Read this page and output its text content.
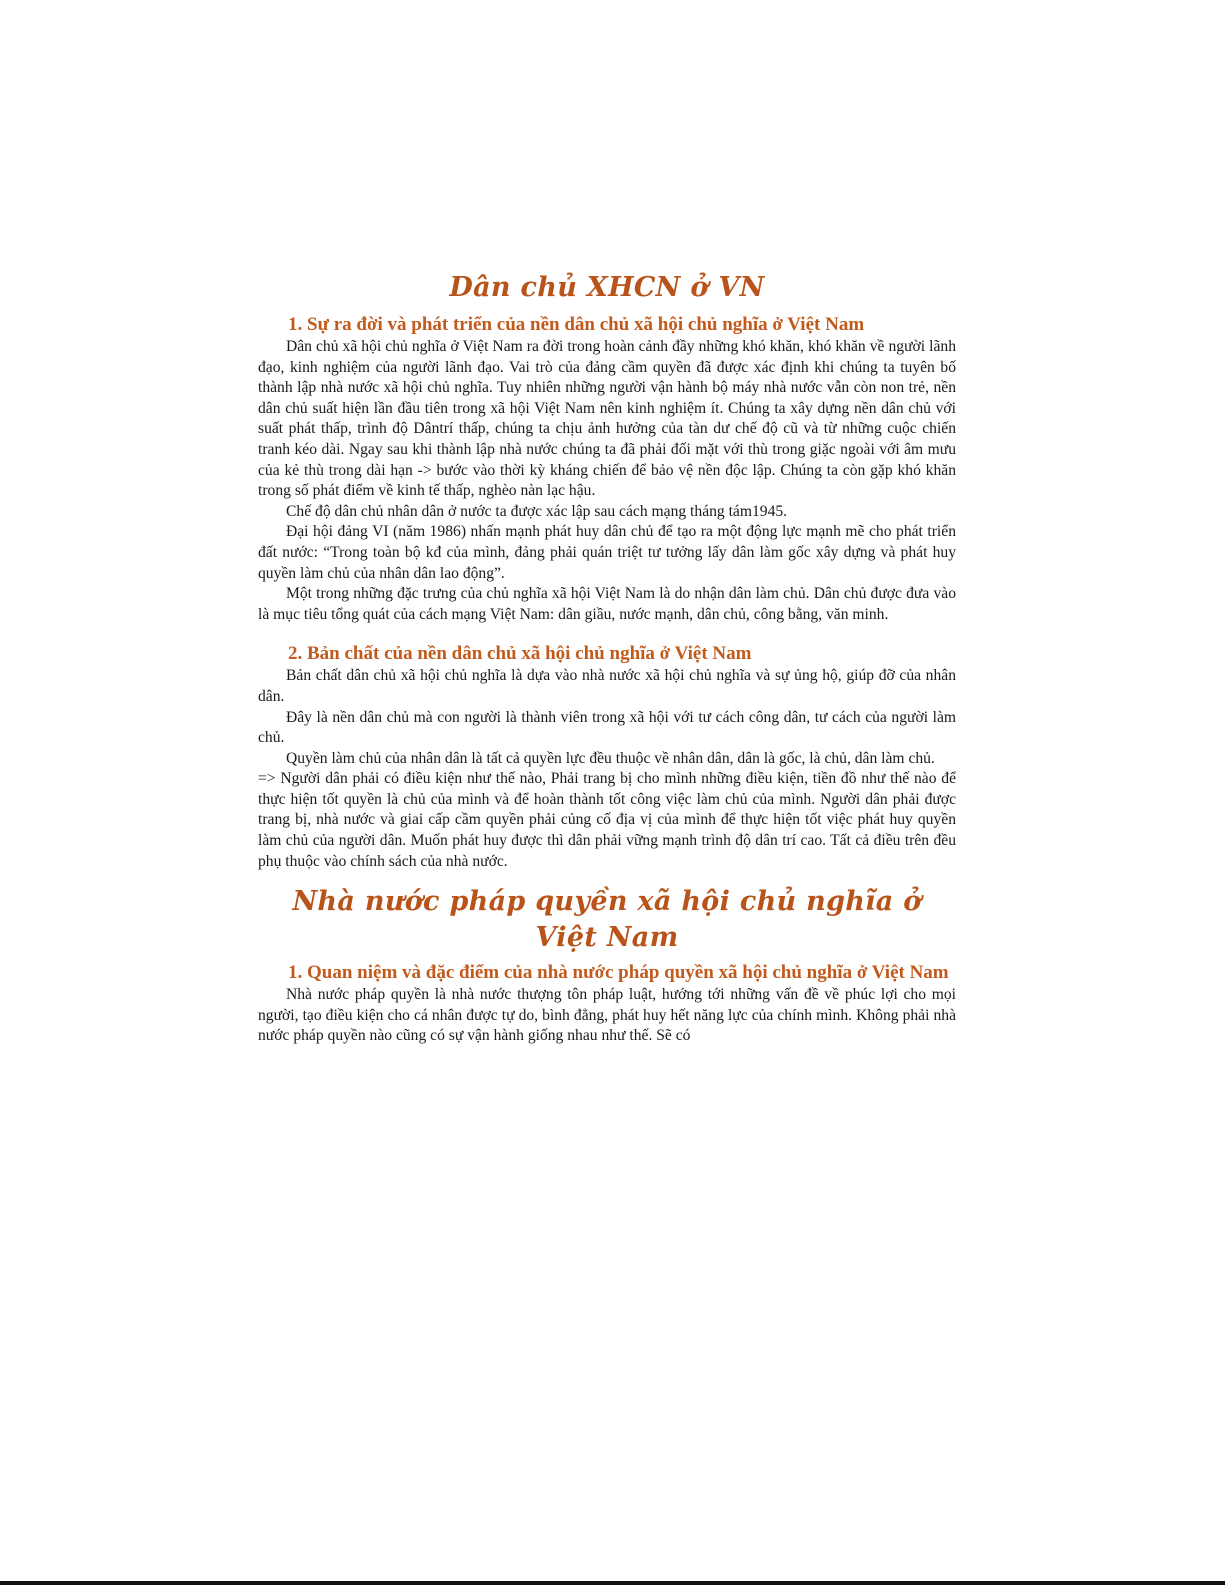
Dân chủ XHCN ở VN
1. Sự ra đời và phát triển của nền dân chủ xã hội chủ nghĩa ở Việt Nam

Dân chủ xã hội chủ nghĩa ở Việt Nam ra đời trong hoàn cảnh đầy những khó khăn, khó khăn về người lãnh đạo, kinh nghiệm của người lãnh đạo. Vai trò của đảng cầm quyền đã được xác định khi chúng ta tuyên bố thành lập nhà nước xã hội chủ nghĩa. Tuy nhiên những người vận hành bộ máy nhà nước vẫn còn non trẻ, nền dân chủ suất hiện lần đầu tiên trong xã hội Việt Nam nên kinh nghiệm ít. Chúng ta xây dựng nền dân chủ với suất phát thấp, trình độ Dântrí thấp, chúng ta chịu ảnh hưởng của tàn dư chế độ cũ và từ những cuộc chiến tranh kéo dài. Ngay sau khi thành lập nhà nước chúng ta đã phải đối mặt với thù trong giặc ngoài với âm mưu của kẻ thù trong dài hạn -> bước vào thời kỳ kháng chiến để bảo vệ nền độc lập. Chúng ta còn gặp khó khăn trong số phát điểm về kinh tế thấp, nghèo nàn lạc hậu.

Chế độ dân chủ nhân dân ở nước ta được xác lập sau cách mạng tháng tám1945.

Đại hội đảng VI (năm 1986) nhấn mạnh phát huy dân chủ để tạo ra một động lực mạnh mẽ cho phát triển đất nước: “Trong toàn bộ kđ của mình, đảng phải quán triệt tư tưởng lấy dân làm gốc xây dựng và phát huy quyền làm chủ của nhân dân lao động”.

Một trong những đặc trưng của chủ nghĩa xã hội Việt Nam là do nhận dân làm chủ. Dân chủ được đưa vào là mục tiêu tổng quát của cách mạng Việt Nam: dân giầu, nước mạnh, dân chủ, công bằng, văn minh.

2. Bản chất của nền dân chủ xã hội chủ nghĩa ở Việt Nam

Bản chất dân chủ xã hội chủ nghĩa là dựa vào nhà nước xã hội chủ nghĩa và sự ủng hộ, giúp đỡ của nhân dân.

Đây là nền dân chủ mà con người là thành viên trong xã hội với tư cách công dân, tư cách của người làm chủ.

Quyền làm chủ của nhân dân là tất cả quyền lực đều thuộc về nhân dân, dân là gốc, là chủ, dân làm chủ.

=> Người dân phải có điều kiện như thế nào, Phải trang bị cho mình những điều kiện, tiền đồ như thế nào để thực hiện tốt quyền là chủ của mình và để hoàn thành tốt công việc làm chủ của mình. Người dân phải được trang bị, nhà nước và giai cấp cầm quyền phải củng cố địa vị của mình để thực hiện tốt việc phát huy quyền làm chủ của người dân. Muốn phát huy được thì dân phải vững mạnh trình độ dân trí cao. Tất cả điều trên đều phụ thuộc vào chính sách của nhà nước.

Nhà nước pháp quyền xã hội chủ nghĩa ở Việt Nam
1. Quan niệm và đặc điểm của nhà nước pháp quyền xã hội chủ nghĩa ở Việt Nam

Nhà nước pháp quyền là nhà nước thượng tôn pháp luật, hướng tới những vấn đề về phúc lợi cho mọi người, tạo điều kiện cho cá nhân được tự do, bình đẳng, phát huy hết năng lực của chính mình. Không phải nhà nước pháp quyền nào cũng có sự vận hành giống nhau như thế. Sẽ có
